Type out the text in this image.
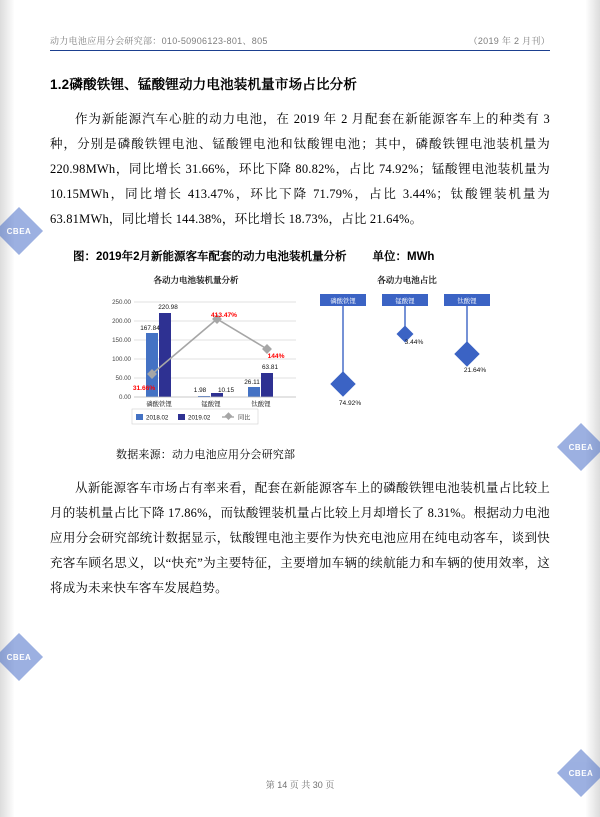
CBEA
CBEA
CBEA
CBEA
动力电池应用分会研究部：010-50906123-801、805	（2019 年 2 月刊）
1.2磷酸铁锂、锰酸锂动力电池装机量市场占比分析

作为新能源汽车心脏的动力电池，在 2019 年 2 月配套在新能源客车上的种类有 3 种，分别是磷酸铁锂电池、锰酸锂电池和钛酸锂电池；其中，磷酸铁锂电池装机量为 220.98MWh，同比增长 31.66%，环比下降 80.82%，占比 74.92%；锰酸锂电池装机量为 10.15MWh，同比增长 413.47%，环比下降 71.79%，占比 3.44%；钛酸锂装机量为 63.81MWh，同比增长 144.38%，环比增长 18.73%，占比 21.64%。

图：2019年2月新能源客车配套的动力电池装机量分析 单位：MWh
各动力电池装机量分析
250.00
200.00
150.00
100.00
50.00
0.00
167.84
220.98
1.98 10.15
26.11
63.81
31.66%
413.47%
144%
磷酸铁锂	锰酸锂	钛酸锂
2018.02	2019.02	同比
各动力电池占比
磷酸铁锂	锰酸锂	钛酸锂
74.92%
3.44%
21.64%

数据来源：动力电池应用分会研究部

从新能源客车市场占有率来看，配套在新能源客车上的磷酸铁锂电池装机量占比较上月的装机量占比下降 17.86%，而钛酸锂装机量占比较上月却增长了 8.31%。根据动力电池应用分会研究部统计数据显示，钛酸锂电池主要作为快充电池应用在纯电动客车，谈到快充客车顾名思义，以“快充”为主要特征，主要增加车辆的续航能力和车辆的使用效率，这将成为未来快车客车发展趋势。

第 14 页 共 30 页
